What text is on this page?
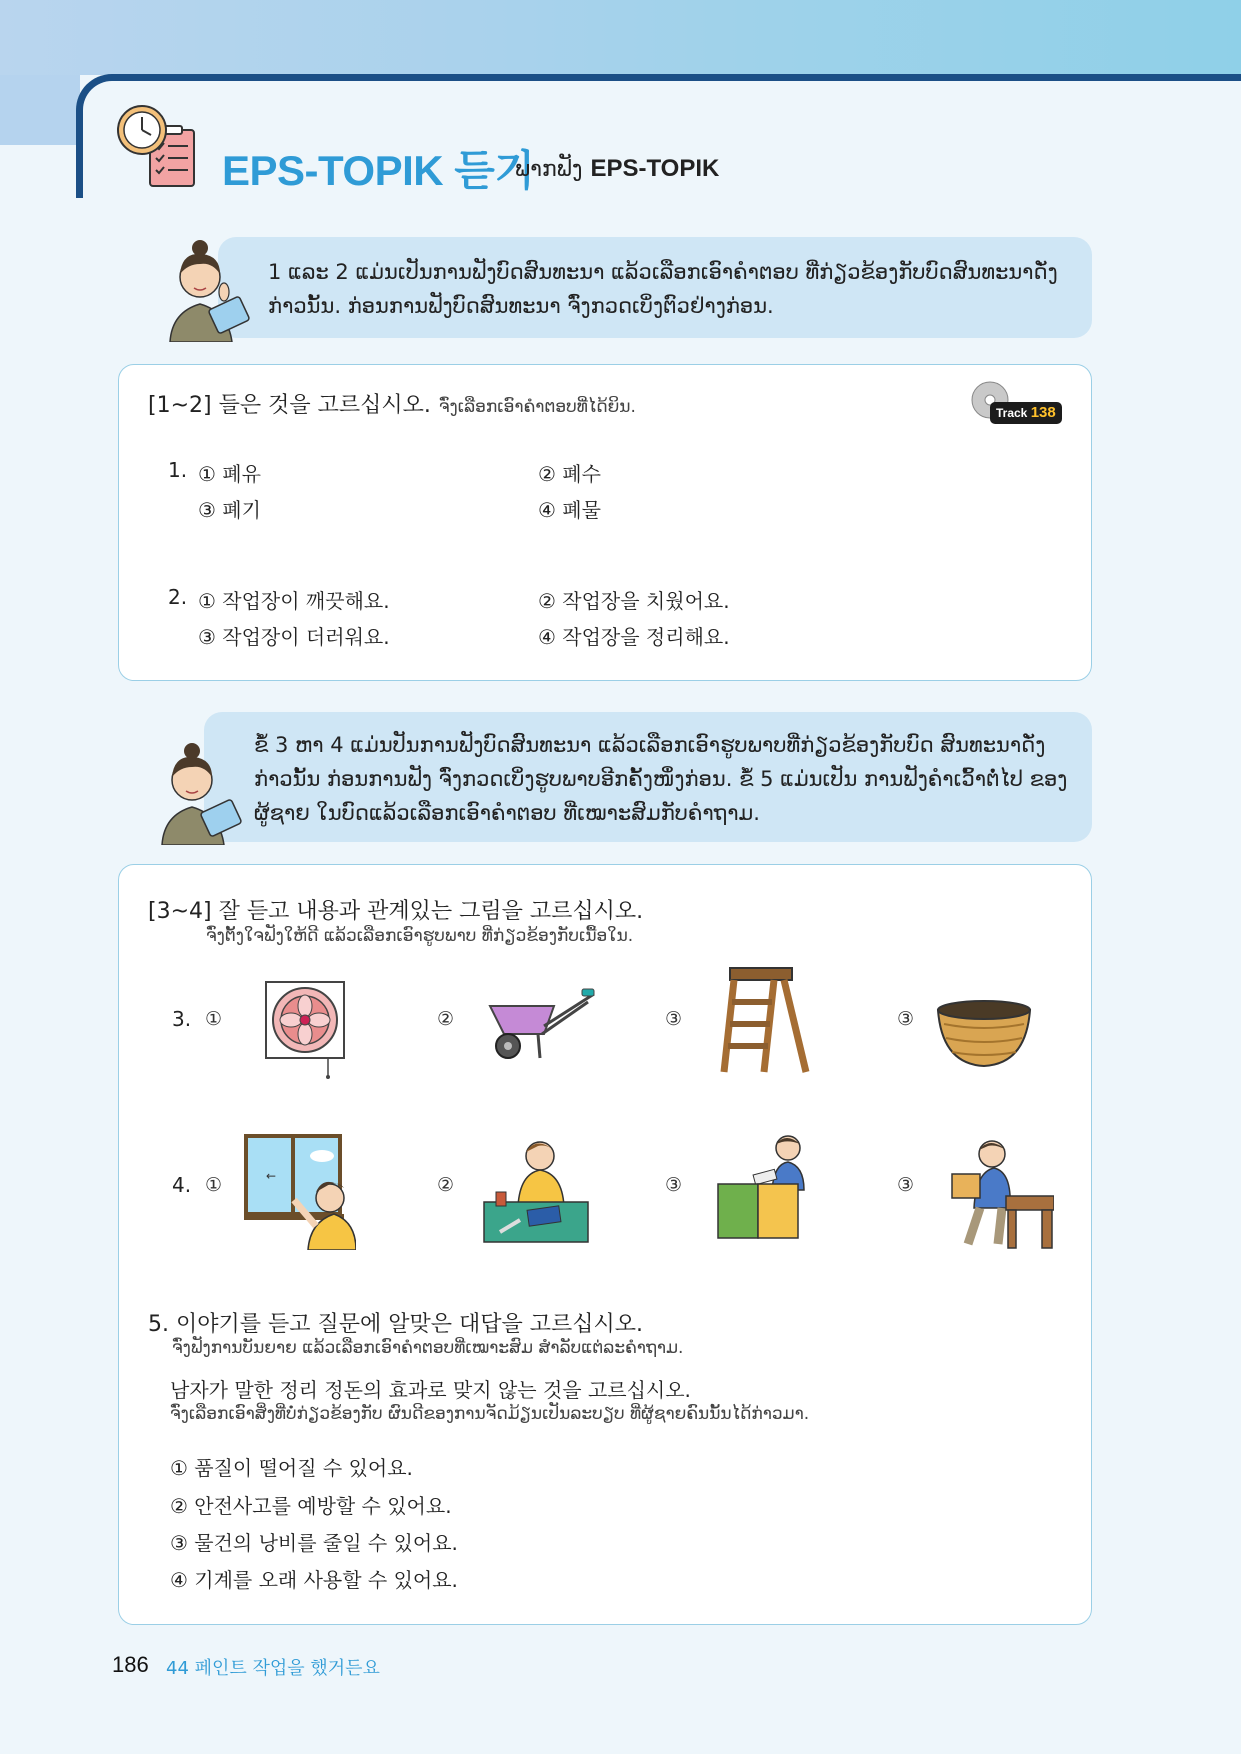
EPS-TOPIK 듣기
ພາກຟັງ EPS-TOPIK
1 ແລະ 2 ແມ່ນເປັນການຟັງບົດສົນທະນາ ແລ້ວເລືອກເອົາຄຳຕອບ ທີ່ກ່ຽວຂ້ອງກັບບົດສົນທະນາດັ່ງກ່າວນັ້ນ. ກ່ອນການຟັງບົດສົນທະນາ ຈົ່ງກວດເບິ່ງຕົວຢ່າງກ່ອນ.
[1~2] 들은 것을 고르십시오. ຈົ່ງເລືອກເອົາຄຳຕອບທີ່ໄດ້ຍິນ.	Track 138
1. ① 폐유	② 폐수
③ 폐기	④ 폐물
2. ① 작업장이 깨끗해요.	② 작업장을 치웠어요.
③ 작업장이 더러워요.	④ 작업장을 정리해요.
ຂໍ້ 3 ຫາ 4 ແມ່ນປັນການຟັງບົດສົນທະນາ ແລ້ວເລືອກເອົາຮູບພາບທີ່ກ່ຽວຂ້ອງກັບບົດ ສົນທະນາດັ່ງກ່າວນັ້ນ ກ່ອນການຟັງ ຈົ່ງກວດເບິ່ງຮູບພາບອີກຄັ້ງໜຶ່ງກ່ອນ. ຂໍ້ 5 ແມ່ນເປັນ ການຟັງຄຳເວົ້າຕໍ່ໄປ ຂອງຜູ້ຊາຍ ໃນບົດແລ້ວເລືອກເອົາຄຳຕອບ ທີ່ເໝາະສົມກັບຄຳຖາມ.
[3~4] 잘 듣고 내용과 관계있는 그림을 고르십시오.
ຈົ່ງຕັ້ງໃຈຟັງໃຫ້ດີ ແລ້ວເລືອກເອົາຮູບພາບ ທີ່ກ່ຽວຂ້ອງກັບເນື້ອໃນ.
3. ①	②	③	③
4. ①	←	②	③	③
5. 이야기를 듣고 질문에 알맞은 대답을 고르십시오.
ຈົ່ງຟັງການບັນຍາຍ ແລ້ວເລືອກເອົາຄຳຕອບທີ່ເໝາະສົມ ສຳລັບແຕ່ລະຄຳຖາມ.
남자가 말한 정리 정돈의 효과로 맞지 않는 것을 고르십시오.
ຈົ່ງເລືອກເອົາສິ່ງທີ່ບໍ່ກ່ຽວຂ້ອງກັບ ຜົນດີຂອງການຈັດມ້ຽນເປັນລະບຽບ ທີ່ຜູ້ຊາຍຄົນນັ້ນໄດ້ກ່າວມາ.
① 품질이 떨어질 수 있어요.
② 안전사고를 예방할 수 있어요.
③ 물건의 낭비를 줄일 수 있어요.
④ 기계를 오래 사용할 수 있어요.
186 44 페인트 작업을 했거든요
